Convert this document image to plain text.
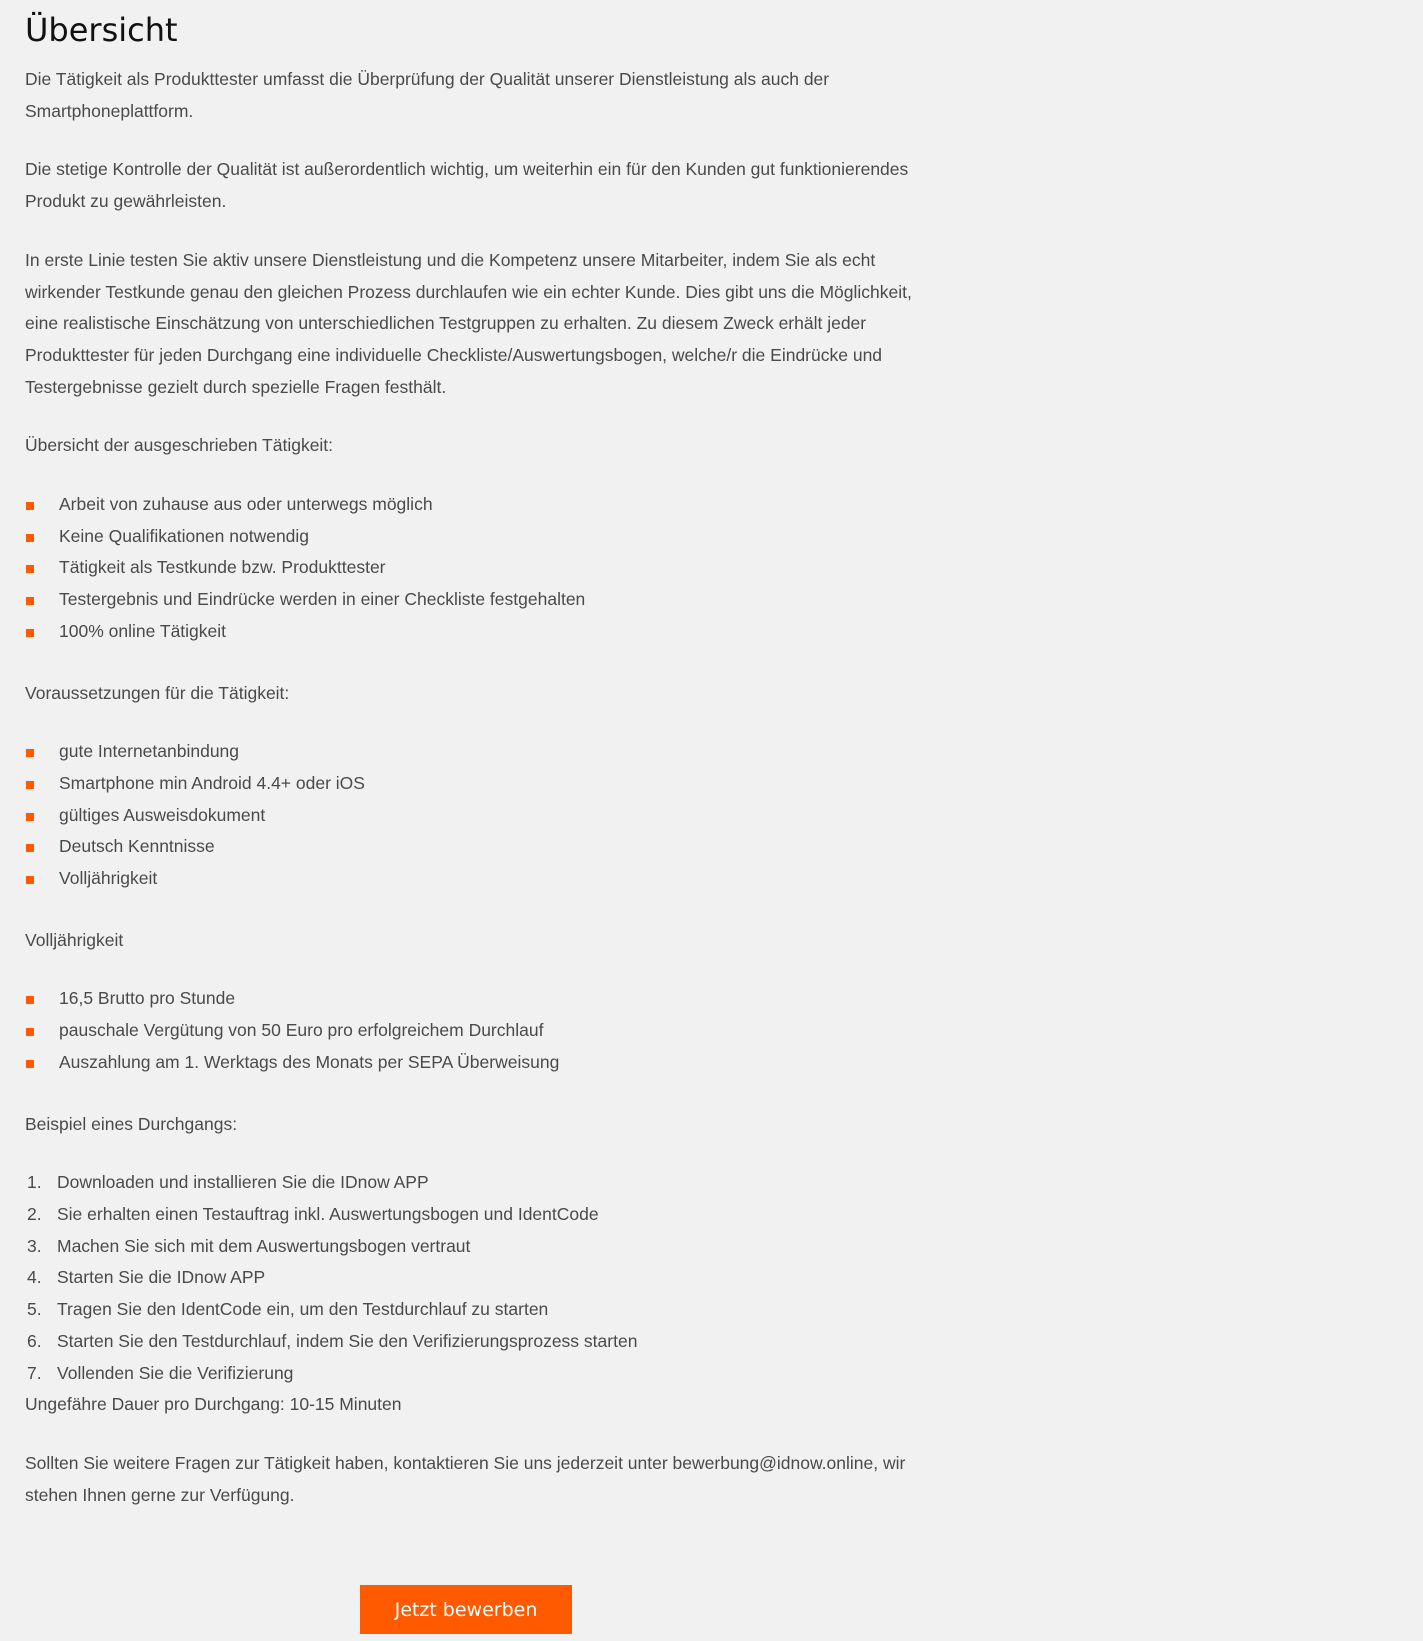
Übersicht

Die Tätigkeit als Produkttester umfasst die Überprüfung der Qualität unserer Dienstleistung als auch der Smartphoneplattform.

Die stetige Kontrolle der Qualität ist außerordentlich wichtig, um weiterhin ein für den Kunden gut funktionierendes Produkt zu gewährleisten.

In erste Linie testen Sie aktiv unsere Dienstleistung und die Kompetenz unsere Mitarbeiter, indem Sie als echt wirkender Testkunde genau den gleichen Prozess durchlaufen wie ein echter Kunde. Dies gibt uns die Möglichkeit, eine realistische Einschätzung von unterschiedlichen Testgruppen zu erhalten. Zu diesem Zweck erhält jeder Produkttester für jeden Durchgang eine individuelle Checkliste/Auswertungsbogen, welche/r die Eindrücke und Testergebnisse gezielt durch spezielle Fragen festhält.

Übersicht der ausgeschrieben Tätigkeit:

Arbeit von zuhause aus oder unterwegs möglich
Keine Qualifikationen notwendig
Tätigkeit als Testkunde bzw. Produkttester
Testergebnis und Eindrücke werden in einer Checkliste festgehalten
100% online Tätigkeit

Voraussetzungen für die Tätigkeit:

gute Internetanbindung
Smartphone min Android 4.4+ oder iOS
gültiges Ausweisdokument
Deutsch Kenntnisse
Volljährigkeit

Volljährigkeit

16,5 Brutto pro Stunde
pauschale Vergütung von 50 Euro pro erfolgreichem Durchlauf
Auszahlung am 1. Werktags des Monats per SEPA Überweisung

Beispiel eines Durchgangs:

1. Downloaden und installieren Sie die IDnow APP
2. Sie erhalten einen Testauftrag inkl. Auswertungsbogen und IdentCode
3. Machen Sie sich mit dem Auswertungsbogen vertraut
4. Starten Sie die IDnow APP
5. Tragen Sie den IdentCode ein, um den Testdurchlauf zu starten
6. Starten Sie den Testdurchlauf, indem Sie den Verifizierungsprozess starten
7. Vollenden Sie die Verifizierung

Ungefähre Dauer pro Durchgang: 10-15 Minuten

Sollten Sie weitere Fragen zur Tätigkeit haben, kontaktieren Sie uns jederzeit unter bewerbung@idnow.online, wir stehen Ihnen gerne zur Verfügung.

Jetzt bewerben
